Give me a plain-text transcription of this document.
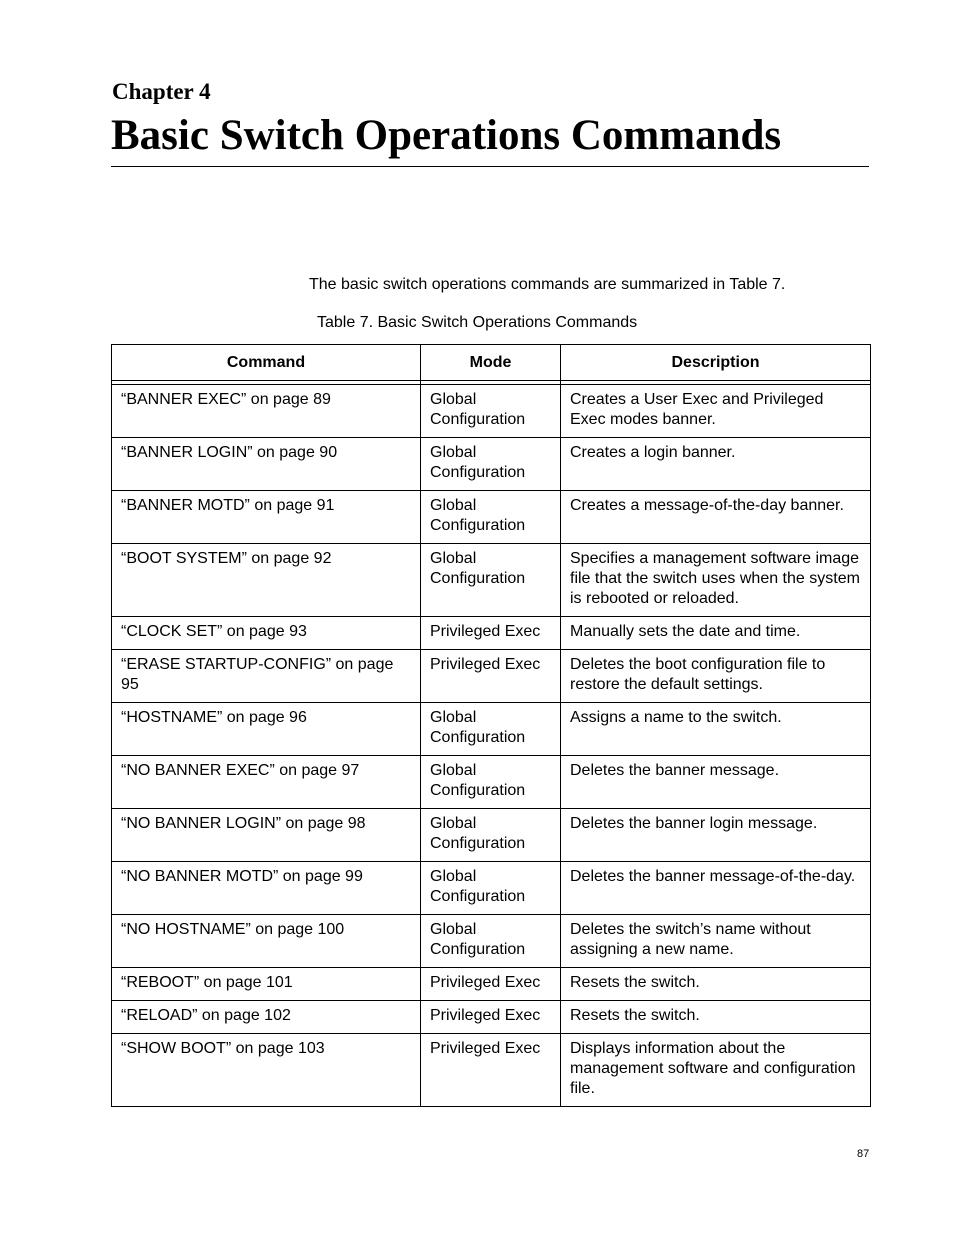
Chapter 4
Basic Switch Operations Commands
The basic switch operations commands are summarized in Table 7.
Table 7. Basic Switch Operations Commands
Command	Mode	Description

“BANNER EXEC” on page 89	Global Configuration	Creates a User Exec and Privileged Exec modes banner.
“BANNER LOGIN” on page 90	Global Configuration	Creates a login banner.
“BANNER MOTD” on page 91	Global Configuration	Creates a message-of-the-day banner.
“BOOT SYSTEM” on page 92	Global Configuration	Specifies a management software image file that the switch uses when the system is rebooted or reloaded.
“CLOCK SET” on page 93	Privileged Exec	Manually sets the date and time.
“ERASE STARTUP-CONFIG” on page 95	Privileged Exec	Deletes the boot configuration file to restore the default settings.
“HOSTNAME” on page 96	Global Configuration	Assigns a name to the switch.
“NO BANNER EXEC” on page 97	Global Configuration	Deletes the banner message.
“NO BANNER LOGIN” on page 98	Global Configuration	Deletes the banner login message.
“NO BANNER MOTD” on page 99	Global Configuration	Deletes the banner message-of-the-day.
“NO HOSTNAME” on page 100	Global Configuration	Deletes the switch’s name without assigning a new name.
“REBOOT” on page 101	Privileged Exec	Resets the switch.
“RELOAD” on page 102	Privileged Exec	Resets the switch.
“SHOW BOOT” on page 103	Privileged Exec	Displays information about the management software and configuration file.
87
